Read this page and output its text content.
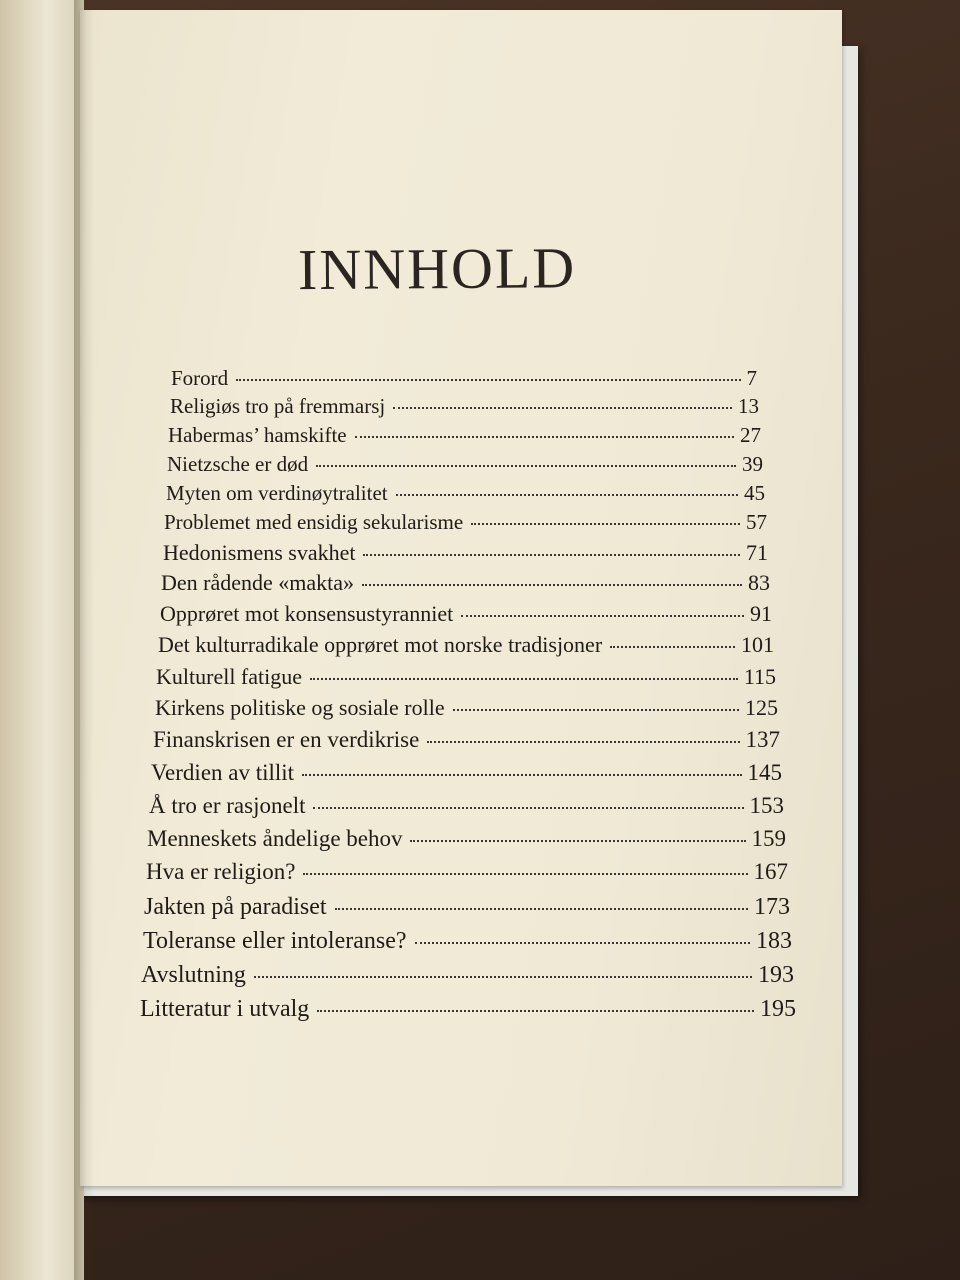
INNHOLD
Forord	7
Religiøs tro på fremmarsj	13
Habermas’ hamskifte	27
Nietzsche er død	39
Myten om verdinøytralitet	45
Problemet med ensidig sekularisme	57
Hedonismens svakhet	71
Den rådende «makta»	83
Opprøret mot konsensustyranniet	91
Det kulturradikale opprøret mot norske tradisjoner	101
Kulturell fatigue	115
Kirkens politiske og sosiale rolle	125
Finanskrisen er en verdikrise	137
Verdien av tillit	145
Å tro er rasjonelt	153
Menneskets åndelige behov	159
Hva er religion?	167
Jakten på paradiset	173
Toleranse eller intoleranse?	183
Avslutning	193
Litteratur i utvalg	195
